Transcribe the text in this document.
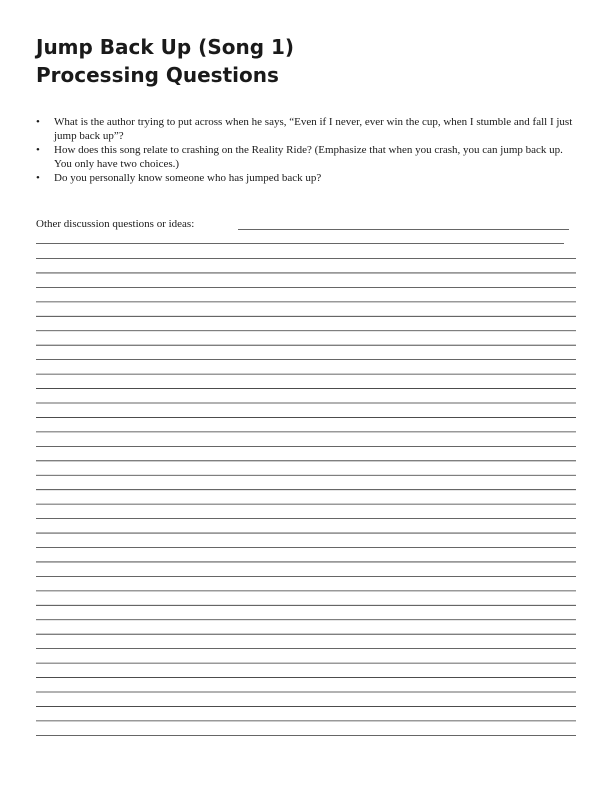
Jump Back Up (Song 1)
Processing Questions
• What is the author trying to put across when he says, “Even if I never, ever win the cup, when I stumble and fall I just jump back up”?
• How does this song relate to crashing on the Reality Ride? (Emphasize that when you crash, you can jump back up. You only have two choices.)
• Do you personally know someone who has jumped back up?
Other discussion questions or ideas:
